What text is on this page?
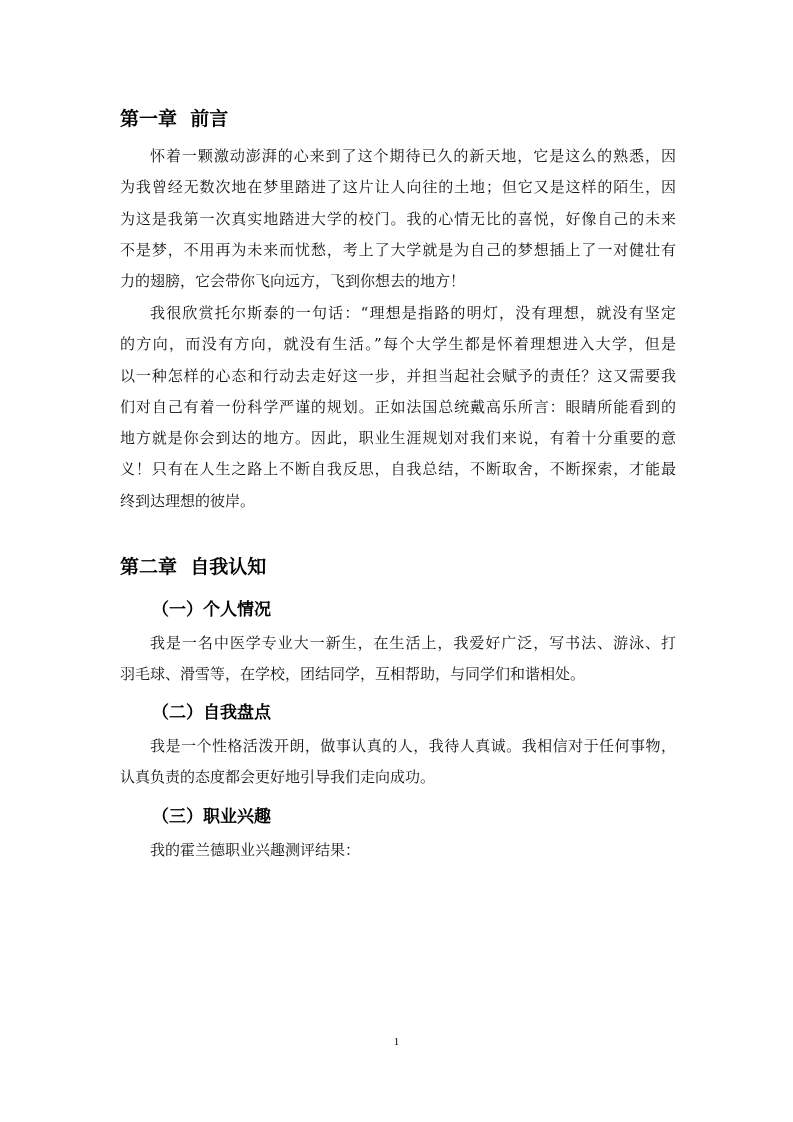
第一章  前言
怀着一颗激动澎湃的心来到了这个期待已久的新天地，它是这么的熟悉，因
为我曾经无数次地在梦里踏进了这片让人向往的土地；但它又是这样的陌生，因
为这是我第一次真实地踏进大学的校门。我的心情无比的喜悦，好像自己的未来
不是梦，不用再为未来而忧愁，考上了大学就是为自己的梦想插上了一对健壮有
力的翅膀，它会带你飞向远方，飞到你想去的地方！
我很欣赏托尔斯泰的一句话：“理想是指路的明灯，没有理想，就没有坚定
的方向，而没有方向，就没有生活。”每个大学生都是怀着理想进入大学，但是
以一种怎样的心态和行动去走好这一步，并担当起社会赋予的责任？这又需要我
们对自己有着一份科学严谨的规划。正如法国总统戴高乐所言：眼睛所能看到的
地方就是你会到达的地方。因此，职业生涯规划对我们来说，有着十分重要的意
义！只有在人生之路上不断自我反思，自我总结，不断取舍，不断探索，才能最
终到达理想的彼岸。
第二章  自我认知
（一）个人情况
我是一名中医学专业大一新生，在生活上，我爱好广泛，写书法、游泳、打
羽毛球、滑雪等，在学校，团结同学，互相帮助，与同学们和谐相处。
（二）自我盘点
我是一个性格活泼开朗，做事认真的人，我待人真诚。我相信对于任何事物，
认真负责的态度都会更好地引导我们走向成功。
（三）职业兴趣
我的霍兰德职业兴趣测评结果：
1
